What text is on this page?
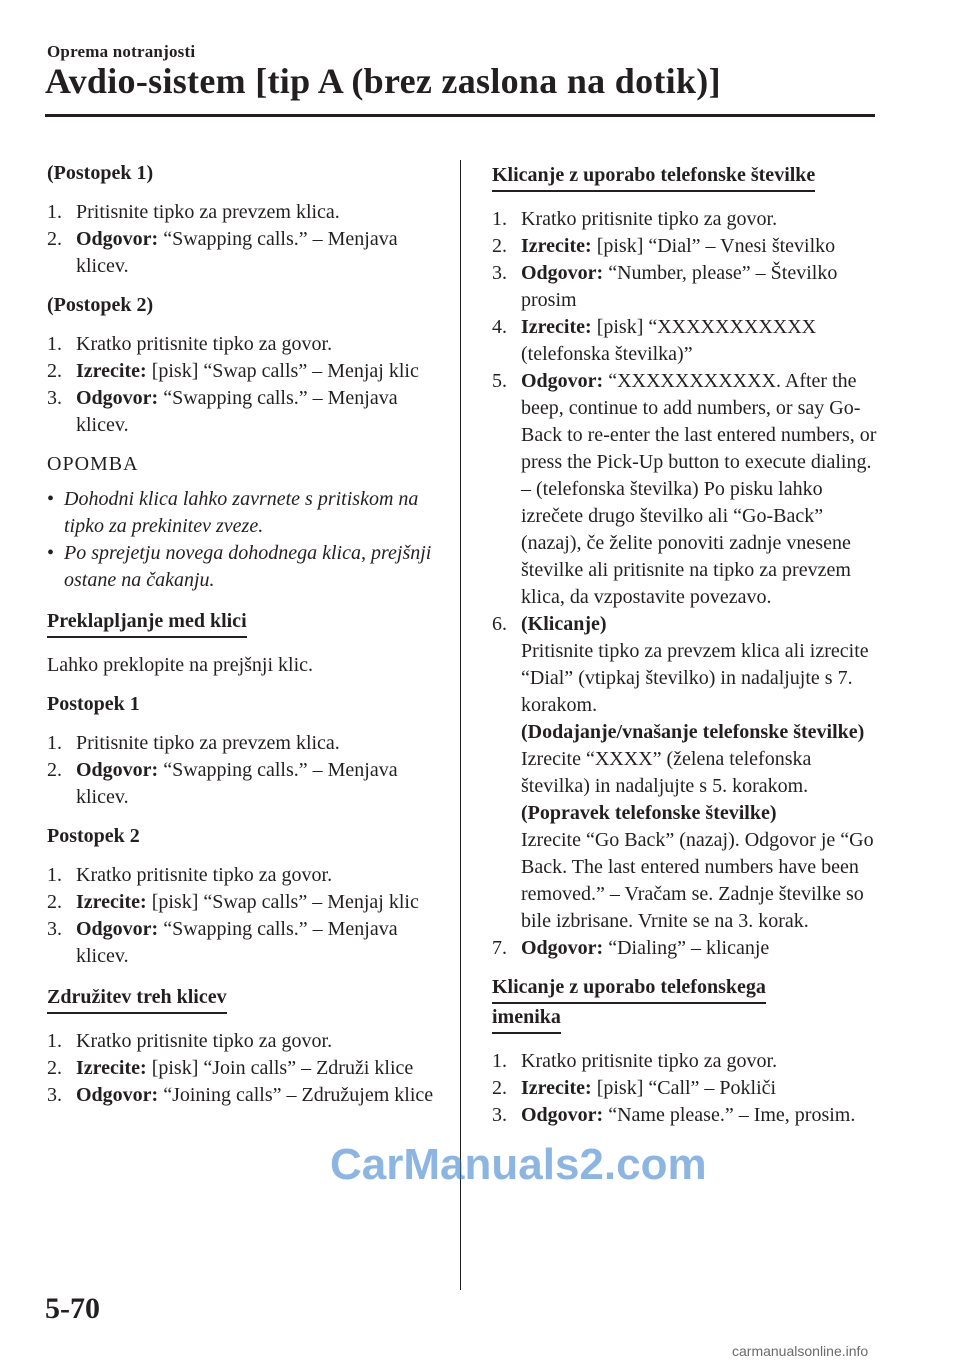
Oprema notranjosti
Avdio-sistem [tip A (brez zaslona na dotik)]
(Postopek 1)
1. Pritisnite tipko za prevzem klica.
2. Odgovor: “Swapping calls.” – Menjava klicev.
(Postopek 2)
1. Kratko pritisnite tipko za govor.
2. Izrecite: [pisk] “Swap calls” – Menjaj klic
3. Odgovor: “Swapping calls.” – Menjava klicev.
OPOMBA
• Dohodni klica lahko zavrnete s pritiskom na tipko za prekinitev zveze.
• Po sprejetju novega dohodnega klica, prejšnji ostane na čakanju.
Preklapljanje med klici
Lahko preklopite na prejšnji klic.
Postopek 1
1. Pritisnite tipko za prevzem klica.
2. Odgovor: “Swapping calls.” – Menjava klicev.
Postopek 2
1. Kratko pritisnite tipko za govor.
2. Izrecite: [pisk] “Swap calls” – Menjaj klic
3. Odgovor: “Swapping calls.” – Menjava klicev.
Združitev treh klicev
1. Kratko pritisnite tipko za govor.
2. Izrecite: [pisk] “Join calls” – Združi klice
3. Odgovor: “Joining calls” – Združujem klice
Klicanje z uporabo telefonske številke
1. Kratko pritisnite tipko za govor.
2. Izrecite: [pisk] “Dial” – Vnesi številko
3. Odgovor: “Number, please” – Številko prosim
4. Izrecite: [pisk] “XXXXXXXXXXX (telefonska številka)”
5. Odgovor: “XXXXXXXXXXX. After the beep, continue to add numbers, or say Go-Back to re-enter the last entered numbers, or press the Pick-Up button to execute dialing. – (telefonska številka) Po pisku lahko izrečete drugo številko ali “Go-Back” (nazaj), če želite ponoviti zadnje vnesene številke ali pritisnite na tipko za prevzem klica, da vzpostavite povezavo.
6. (Klicanje)
Pritisnite tipko za prevzem klica ali izrecite “Dial” (vtipkaj številko) in nadaljujte s 7. korakom.
(Dodajanje/vnašanje telefonske številke)
Izrecite “XXXX” (želena telefonska številka) in nadaljujte s 5. korakom.
(Popravek telefonske številke)
Izrecite “Go Back” (nazaj). Odgovor je “Go Back. The last entered numbers have been removed.” – Vračam se. Zadnje številke so bile izbrisane. Vrnite se na 3. korak.
7. Odgovor: “Dialing” – klicanje
Klicanje z uporabo telefonskega
imenika
1. Kratko pritisnite tipko za govor.
2. Izrecite: [pisk] “Call” – Pokliči
3. Odgovor: “Name please.” – Ime, prosim.
5-70
CarManuals2.com
carmanualsonline.info
